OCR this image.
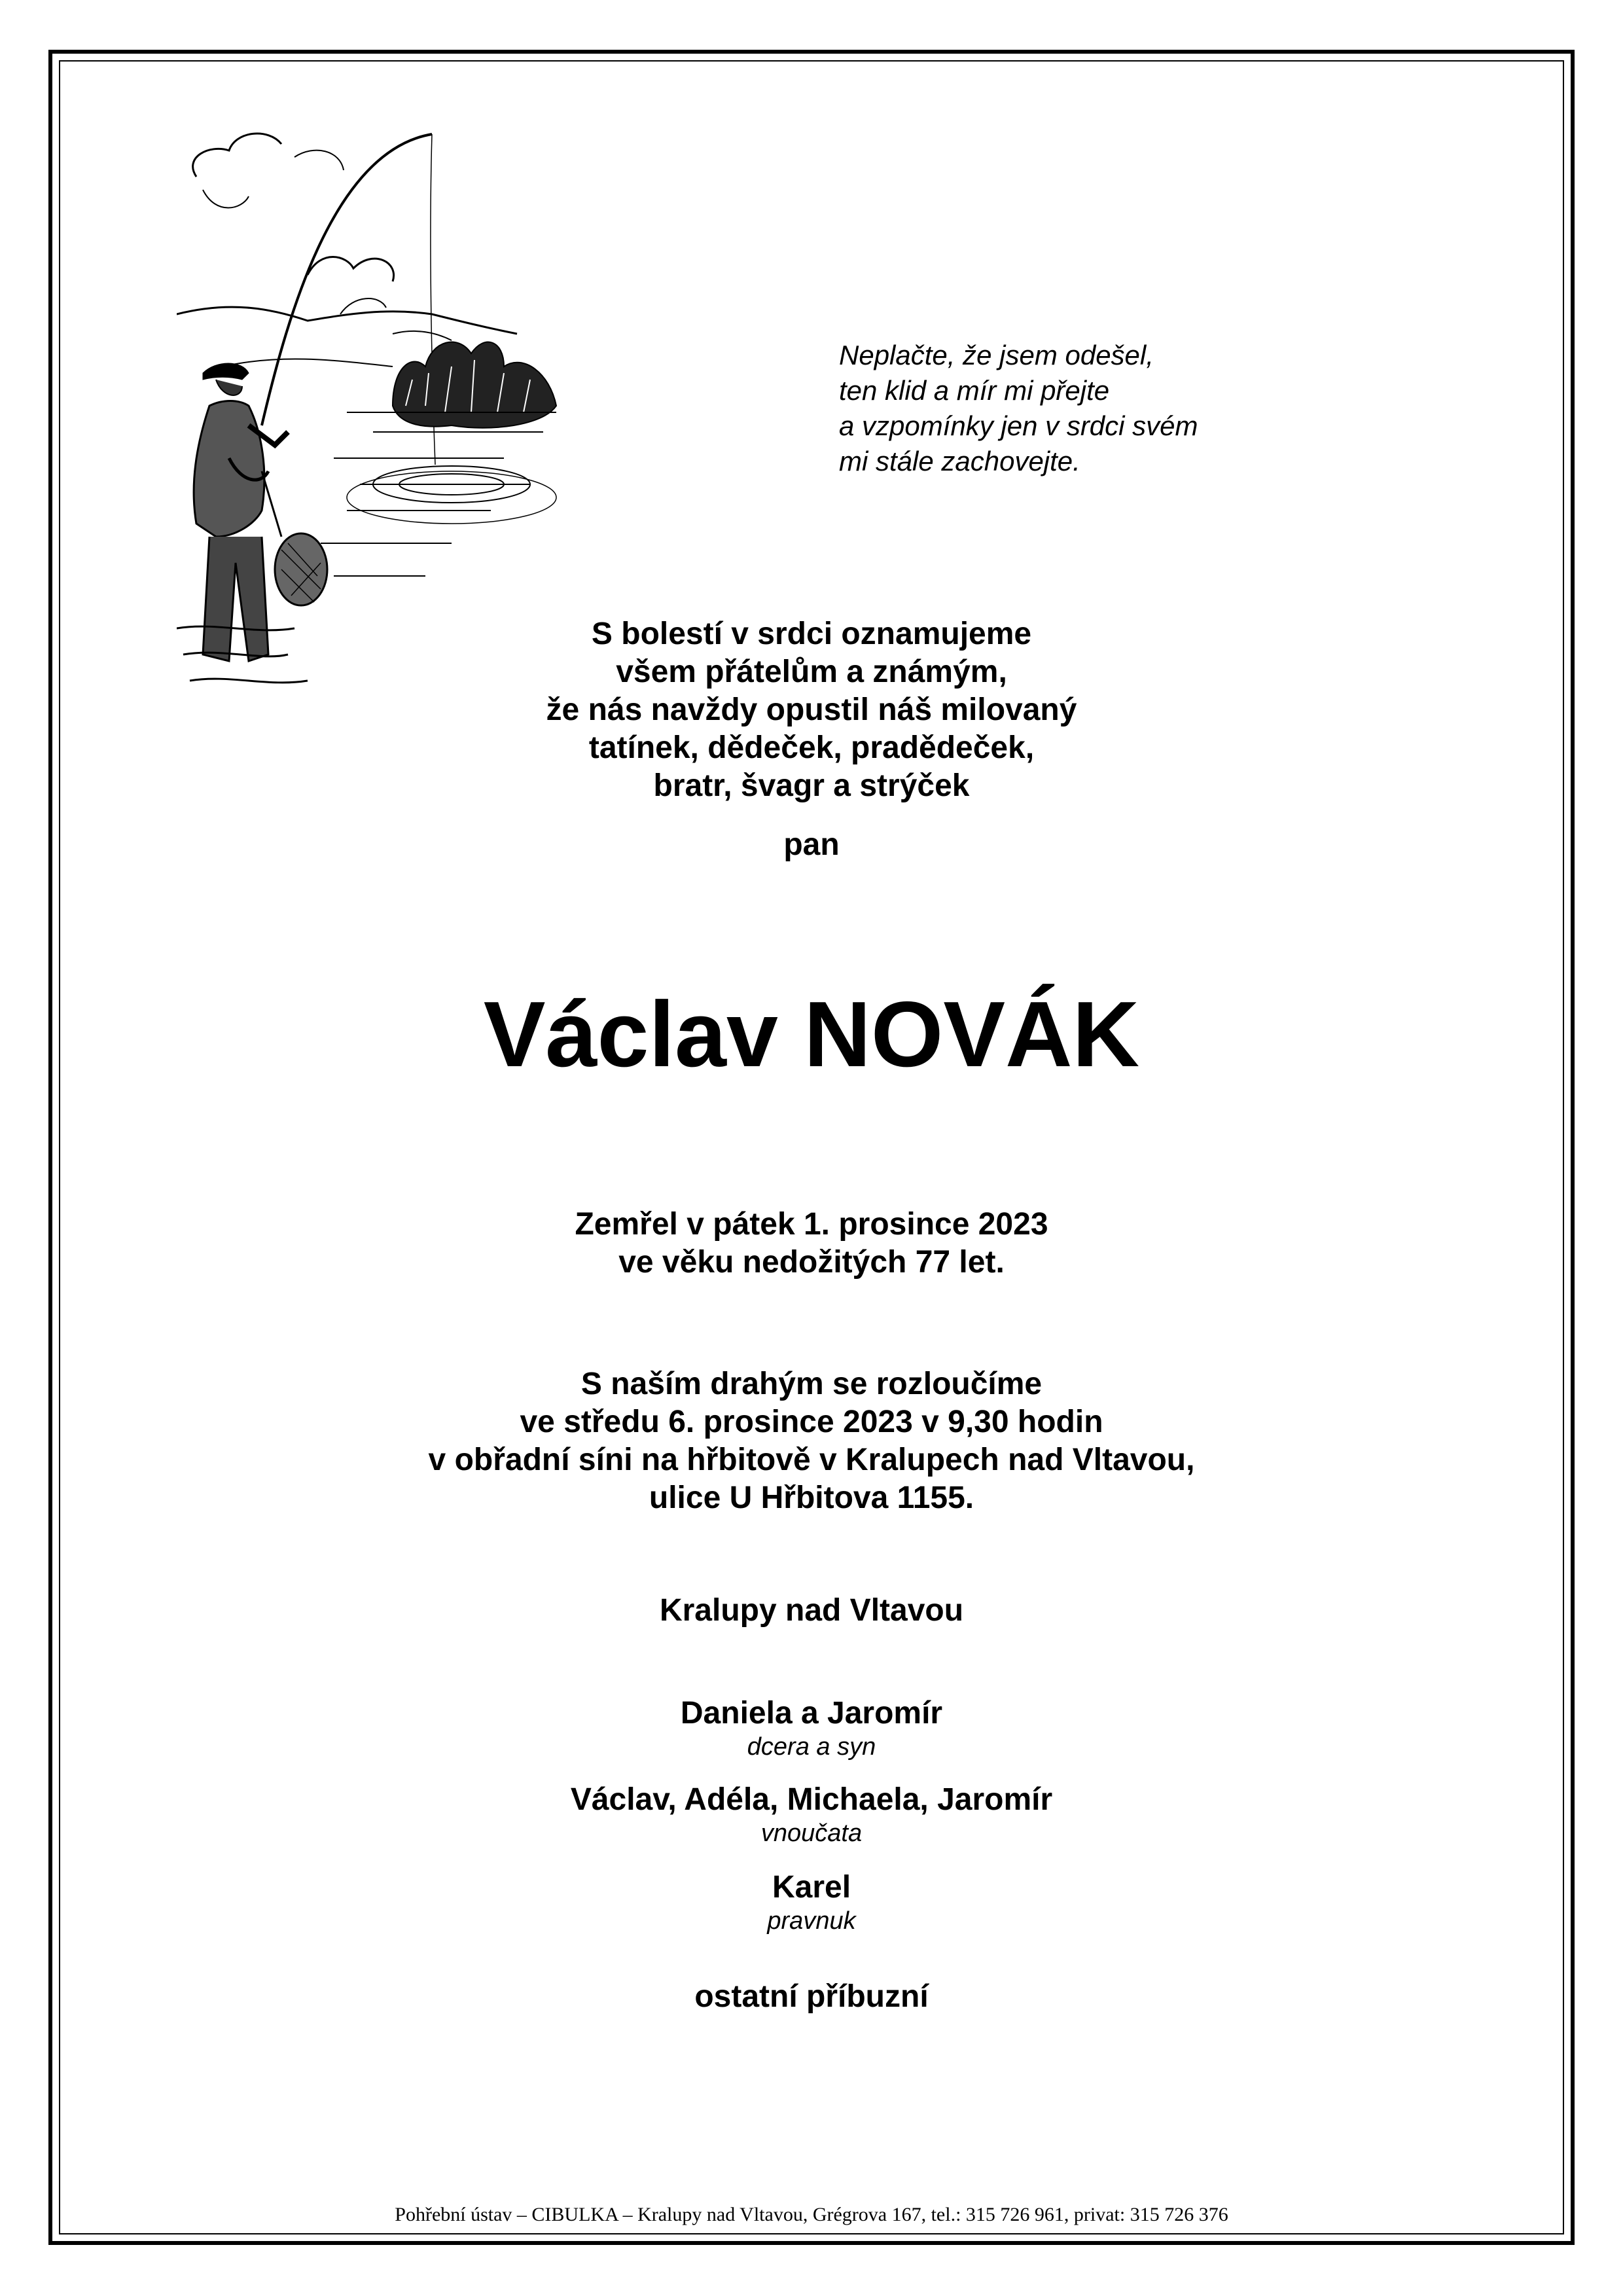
Neplačte, že jsem odešel,
ten klid a mír mi přejte
a vzpomínky jen v srdci svém
mi stále zachovejte.
S bolestí v srdci oznamujeme
všem přátelům a známým,
že nás navždy opustil náš milovaný
tatínek, dědeček, pradědeček,
bratr, švagr a strýček
pan
Václav NOVÁK
Zemřel v pátek 1. prosince 2023
ve věku nedožitých 77 let.
S naším drahým se rozloučíme
ve středu 6. prosince 2023 v 9,30 hodin
v obřadní síni na hřbitově v Kralupech nad Vltavou,
ulice U Hřbitova 1155.
Kralupy nad Vltavou
Daniela a Jaromír
dcera a syn
Václav, Adéla, Michaela, Jaromír
vnoučata
Karel
pravnuk
ostatní příbuzní
Pohřební ústav – CIBULKA – Kralupy nad Vltavou, Grégrova 167, tel.: 315 726 961, privat: 315 726 376
